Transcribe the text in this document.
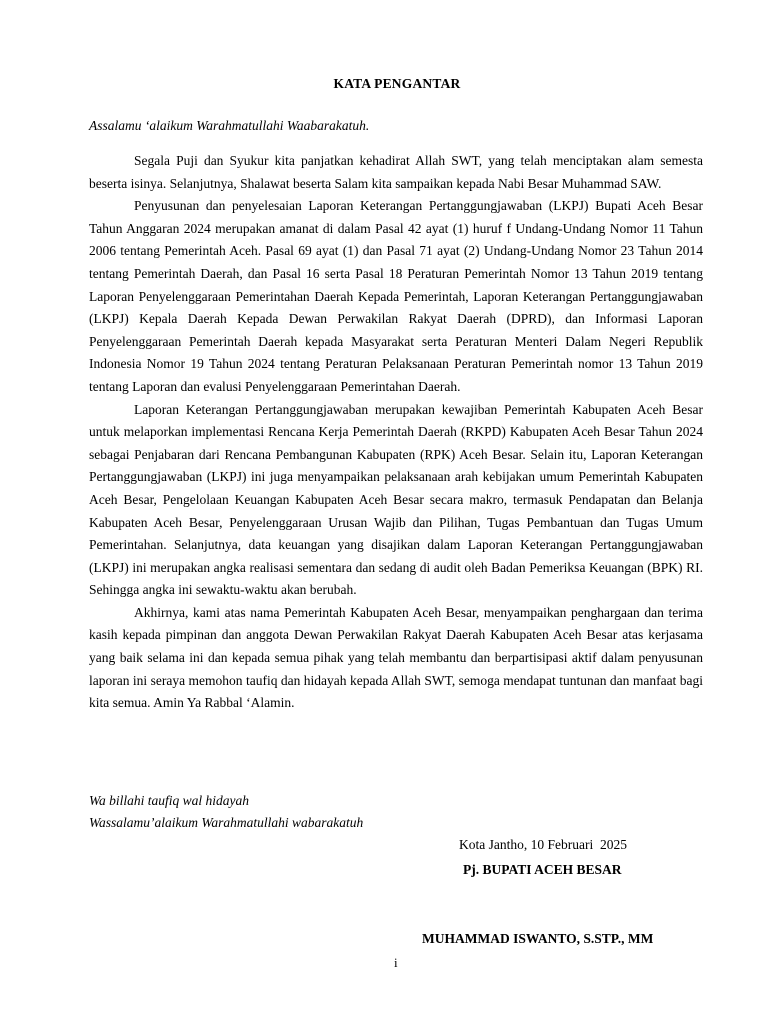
KATA PENGANTAR
Assalamu ‘alaikum Warahmatullahi Waabarakatuh.

Segala Puji dan Syukur kita panjatkan kehadirat Allah SWT, yang telah menciptakan alam semesta beserta isinya. Selanjutnya, Shalawat beserta Salam kita sampaikan kepada Nabi Besar Muhammad SAW.

Penyusunan dan penyelesaian Laporan Keterangan Pertanggungjawaban (LKPJ) Bupati Aceh Besar Tahun Anggaran 2024 merupakan amanat di dalam Pasal 42 ayat (1) huruf f Undang-Undang Nomor 11 Tahun 2006 tentang Pemerintah Aceh. Pasal 69 ayat (1) dan Pasal 71 ayat (2) Undang-Undang Nomor 23 Tahun 2014 tentang Pemerintah Daerah, dan Pasal 16 serta Pasal 18 Peraturan Pemerintah Nomor 13 Tahun 2019 tentang Laporan Penyelenggaraan Pemerintahan Daerah Kepada Pemerintah, Laporan Keterangan Pertanggungjawaban (LKPJ) Kepala Daerah Kepada Dewan Perwakilan Rakyat Daerah (DPRD), dan Informasi Laporan Penyelenggaraan Pemerintah Daerah kepada Masyarakat serta Peraturan Menteri Dalam Negeri Republik Indonesia Nomor 19 Tahun 2024 tentang Peraturan Pelaksanaan Peraturan Pemerintah nomor 13 Tahun 2019 tentang Laporan dan evalusi Penyelenggaraan Pemerintahan Daerah.

Laporan Keterangan Pertanggungjawaban merupakan kewajiban Pemerintah Kabupaten Aceh Besar untuk melaporkan implementasi Rencana Kerja Pemerintah Daerah (RKPD) Kabupaten Aceh Besar Tahun 2024 sebagai Penjabaran dari Rencana Pembangunan Kabupaten (RPK) Aceh Besar. Selain itu, Laporan Keterangan Pertanggungjawaban (LKPJ) ini juga menyampaikan pelaksanaan arah kebijakan umum Pemerintah Kabupaten Aceh Besar, Pengelolaan Keuangan Kabupaten Aceh Besar secara makro, termasuk Pendapatan dan Belanja Kabupaten Aceh Besar, Penyelenggaraan Urusan Wajib dan Pilihan, Tugas Pembantuan dan Tugas Umum Pemerintahan. Selanjutnya, data keuangan yang disajikan dalam Laporan Keterangan Pertanggungjawaban (LKPJ) ini merupakan angka realisasi sementara dan sedang di audit oleh Badan Pemeriksa Keuangan (BPK) RI. Sehingga angka ini sewaktu-waktu akan berubah.

Akhirnya, kami atas nama Pemerintah Kabupaten Aceh Besar, menyampaikan penghargaan dan terima kasih kepada pimpinan dan anggota Dewan Perwakilan Rakyat Daerah Kabupaten Aceh Besar atas kerjasama yang baik selama ini dan kepada semua pihak yang telah membantu dan berpartisipasi aktif dalam penyusunan laporan ini seraya memohon taufiq dan hidayah kepada Allah SWT, semoga mendapat tuntunan dan manfaat bagi kita semua. Amin Ya Rabbal ‘Alamin.

Wa billahi taufiq wal hidayah
Wassalamu’alaikum Warahmatullahi wabarakatuh
Kota Jantho, 10 Februari  2025
Pj. BUPATI ACEH BESAR
MUHAMMAD ISWANTO, S.STP., MM
i
